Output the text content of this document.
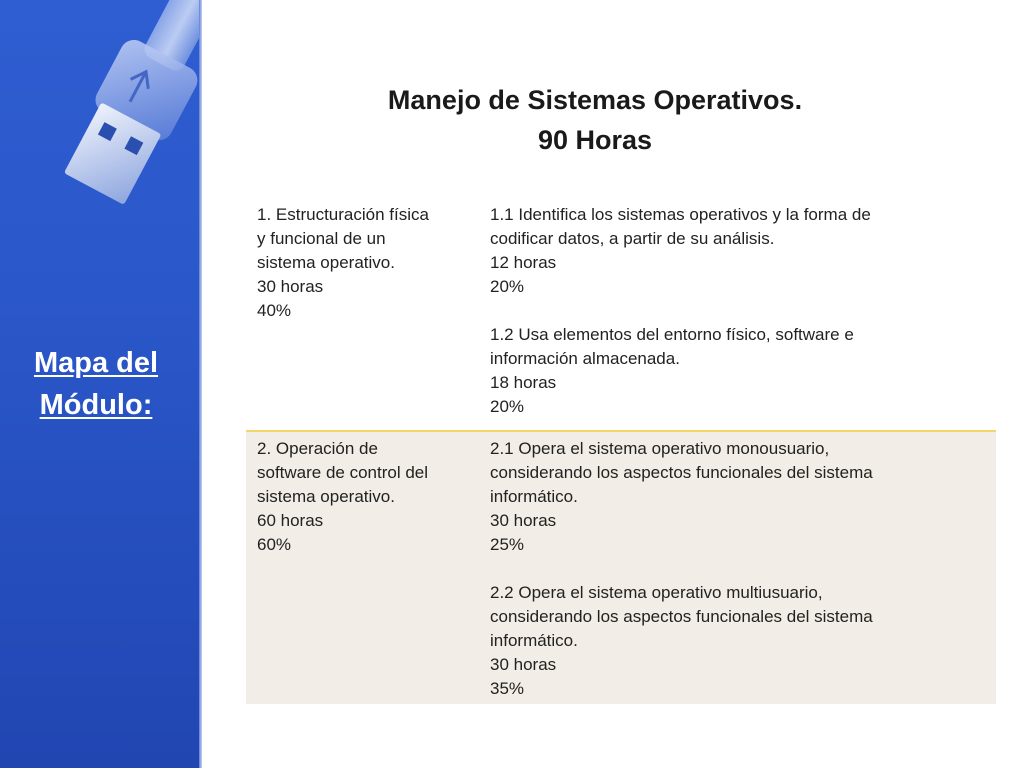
Mapa del
Módulo:
Manejo de Sistemas Operativos.
90 Horas
1. Estructuración física
y funcional de un
sistema operativo.
30 horas
40%
1.1 Identifica los sistemas operativos y la forma de
codificar datos, a partir de su análisis.
12 horas
20%
1.2 Usa elementos del entorno físico, software e
información almacenada.
18 horas
20%
2. Operación de
software de control del
sistema operativo.
60 horas
60%
2.1 Opera el sistema operativo monousuario,
considerando los aspectos funcionales del sistema
informático.
30 horas
25%
2.2 Opera el sistema operativo multiusuario,
considerando los aspectos funcionales del sistema
informático.
30 horas
35%
